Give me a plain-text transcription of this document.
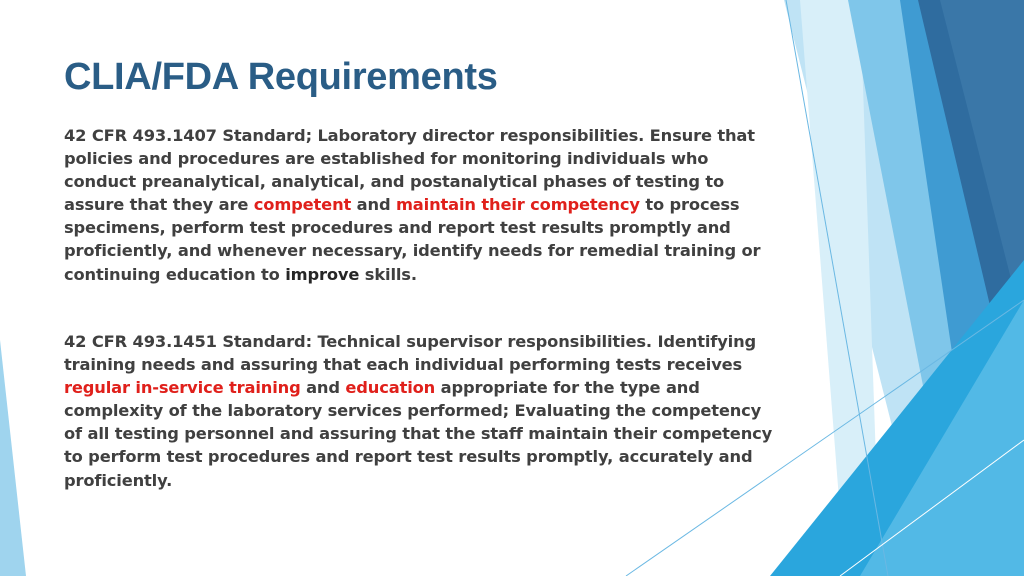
CLIA/FDA Requirements

42 CFR 493.1407 Standard; Laboratory director responsibilities. Ensure that policies and procedures are established for monitoring individuals who conduct preanalytical, analytical, and postanalytical phases of testing to assure that they are competent and maintain their competency to process specimens, perform test procedures and report test results promptly and proficiently, and whenever necessary, identify needs for remedial training or continuing education to improve skills.

42 CFR 493.1451 Standard: Technical supervisor responsibilities. Identifying training needs and assuring that each individual performing tests receives regular in-service training and education appropriate for the type and complexity of the laboratory services performed; Evaluating the competency of all testing personnel and assuring that the staff maintain their competency to perform test procedures and report test results promptly, accurately and proficiently.
